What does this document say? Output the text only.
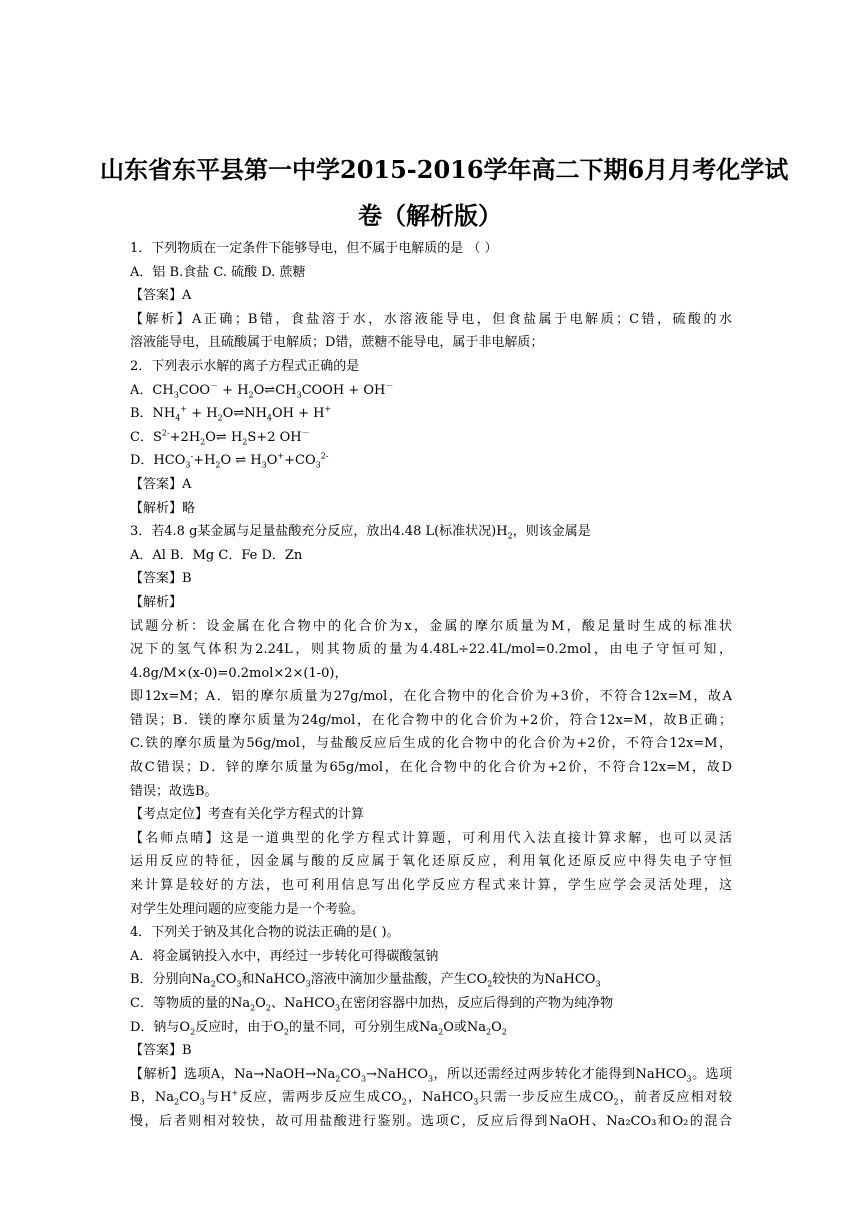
山东省东平县第一中学2015-2016学年高二下期6月月考化学试
卷（解析版）
1．下列物质在一定条件下能够导电，但不属于电解质的是 （ ）
A．铝 B.食盐 C. 硫酸 D. 蔗糖
【答案】A
【解析】A正确；B错，食盐溶于水，水溶液能导电，但食盐属于电解质；C错，硫酸的水
溶液能导电，且硫酸属于电解质；D错，蔗糖不能导电，属于非电解质；
2．下列表示水解的离子方程式正确的是
A．$CH_3COO^-$ + $H_2O\rightleftharpoons CH_3COOH + OH^-$
B．$NH_4^+$ + $H_2O\rightleftharpoons NH_4OH + H^+$
C．$S^{2-}+2H_2O\rightleftharpoons$ $H_2S+2$ OH－
D．$HCO_3^-+H_2O$ ⇌ $H_3O^++CO_3^{2-}$
【答案】A
【解析】略
3．若4.8 g某金属与足量盐酸充分反应，放出4.48 L(标准状况)$H_2$，则该金属是
A．Al B．Mg C．Fe D．Zn
【答案】B
【解析】
试题分析：设金属在化合物中的化合价为x，金属的摩尔质量为M，酸足量时生成的标准状
况下的氢气体积为2.24L，则其物质的量为4.48L÷22.4L/mol=0.2mol，由电子守恒可知，
4.8g/M×(x-0)=0.2mol×2×(1-0)，
即12x=M；A．铝的摩尔质量为27g/mol，在化合物中的化合价为+3价，不符合12x=M，故A
错误；B．镁的摩尔质量为24g/mol，在化合物中的化合价为+2价，符合12x=M，故B正确；
C.铁的摩尔质量为56g/mol，与盐酸反应后生成的化合物中的化合价为+2价，不符合12x=M，
故C错误；D．锌的摩尔质量为65g/mol，在化合物中的化合价为+2价，不符合12x=M，故D
错误；故选B。
【考点定位】考查有关化学方程式的计算
【名师点晴】这是一道典型的化学方程式计算题，可利用代入法直接计算求解，也可以灵活
运用反应的特征，因金属与酸的反应属于氧化还原反应，利用氧化还原反应中得失电子守恒
来计算是较好的方法，也可利用信息写出化学反应方程式来计算，学生应学会灵活处理，这
对学生处理问题的应变能力是一个考验。
4．下列关于钠及其化合物的说法正确的是( )。
A．将金属钠投入水中，再经过一步转化可得碳酸氢钠
B．分别向$Na_2CO_3$和NaHCO$_3$溶液中滴加少量盐酸，产生$CO_2$较快的为NaHCO$_3$
C．等物质的量的$Na_2O_2$、NaHCO$_3$在密闭容器中加热，反应后得到的产物为纯净物
D．钠与$O_2$反应时，由于$O_2$的量不同，可分别生成$Na_2O$或$Na_2O_2$
【答案】B
【解析】选项A，$Na\to NaOH\to Na_2CO_3\to NaHCO_3$，所以还需经过两步转化才能得到NaHCO$_3$。选项
B，$Na_2CO_3$与H+反应，需两步反应生成$CO_2$，NaHCO$_3$只需一步反应生成$CO_2$，前者反应相对较
慢，后者则相对较快，故可用盐酸进行鉴别。选项C，反应后得到NaOH、Na₂CO₃和O₂的混合
